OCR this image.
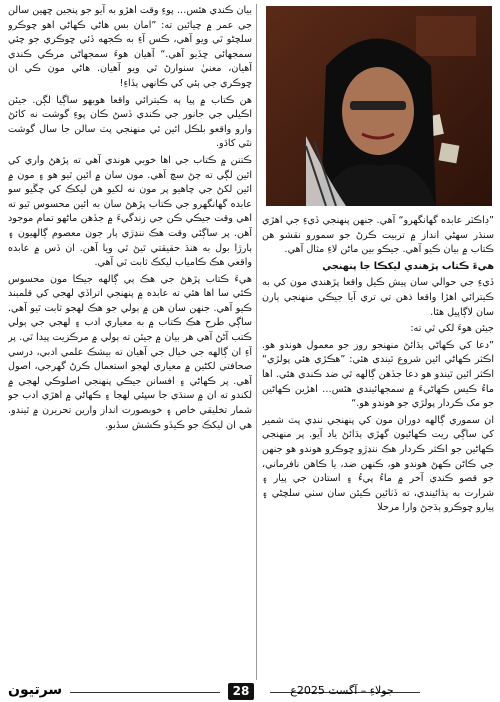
بيان ڪندي هئس… پوءِ وقت اهڙو به آيو جو پنجين ڇهين سالن جي عمر ۾ چيائين ته: ”امان بس هاڻي ڪهاڻي اهو چوڪرو سلچڻو ٿي ويو آهي، ڪس آءِ به ڪجهه ڏئي ڇوڪري جو چئي سمجهائي ڇڏيو آهي.“ آهيان هوءَ سمجهاڻي مرڪي ڪندي آهيان، معنيٰ سنوارڻ ٿي ويو آهيان. هاڻي مون ڪي ان ڇوڪري جي ٻئي کي ڪانهي ٻڏاءِ!

هن ڪتاب ۾ پيا ٻه ڪيترائي واقعا هوبهو ساڳيا لڳن. جيئن اڪيلي جي جانور جي ڪندي ڏسڻ ڪان پوءِ گوشت نه کائڻ وارو واقعو بلڪل ائين ئي منهنجي پٽ سالن جا سال گوشت نٿي کاڌو.

ڪتنن ۾ ڪتاب جي اها خوبي هوندي آهي ته پڙهڻ واري کي ائين لڳي ته ڄڻ سچ آهي. مون سان ۾ ائين ٿيو هو ۽ مون ۾ ائين لکڻ جي چاهيو پر مون نه لکيو هن ليکڪ کي چڱيو سو عابده گهانگهرو جي ڪتاب پڙهڻ سان به ائين محسوس ٿيو ته اهي وقت جيڪي ڪن جي زندگيءَ ۾ جڏهن ماڻهو تمام موجود آهن. پر ساڳئي وقت هڪ ننڍڙي ٻار جون معصوم ڳالهيون ۽ ٻارڙا بول به هنڌ حقيقتي ٿيڻ ٿي ويا آهن. ان ڏس ۾ عابده واقعي هڪ ڪامياب ليکڪ ثابت ٿي آهي.

هيءَ ڪتاب پڙهڻ جي هڪ ٻي ڳالهه جيڪا مون محسوس ڪئي سا اها هئي ته عابده ۾ پنهنجي اتراڏي لهجي کي قلمبند ڪيو آهي. جنهن سان هن ۾ ٻولي جو هڪ لهجو ثابت ٿيو آهي. ساڳي طرح هڪ ڪتاب ۾ به معياري ادب ۽ لهجي جي ٻولي ڪتب آڻڻ آهي هر بيان ۾ جيئن ته ٻولي ۾ مرڪزيت پيدا ٿي. پر آءِ ان ڳالهه جي خيال جي آهيان ته بيشڪ علمي ادبي، درسي صحافتي لکڻين ۾ معياري لهجو استعمال ڪرڻ گهرجي، اصول آهي. پر ڪهاڻي ۽ افسانن جيڪي پنهنجي اصلوڪي لهجي ۾ لکندو ته ان ۾ سنڌي جا سڀئي لهجا ۽ ڪهاڻي ۾ اهڙي ادب جو شمار تخليقي خاص ۽ خوبصورت انداز وارين تحريرن ۾ ٿيندو. هي ان ليکڪ جو ڪيڏو ڪشش سڏبو.

”ڊاڪٽر عابده گهانگهرو“ آهي. جنهن پنهنجي ڏيءِ جي اهڙي سنڌر سهڻي انداز ۾ تربيت ڪرڻ جو سمورو نقشو هن ڪتاب ۾ بيان ڪيو آهي. جيڪو بين ماڻن لاءِ مثال آهي.

هيءَ ڪتاب پڙهندي ليکڪا جا پنهنجي

ڏيءِ جي حوالي سان پيش ڪيل واقعا پڙهندي مون کي به ڪيترائي اهڙا واقعا ذهن تي تري آيا جيڪي منهنجي ٻارن سان لاڳاپيل هئا.

جيئن هوءَ لکي ٿي ته:

”دعا کي ڪهاڻي ٻڌائڻ منهنجو روز جو معمول هوندو هو. اڪثر ڪهاڻي ائين شروع ٿيندي هئي: ”هڪڙي هئي پولڙي“ اڪثر ائين ٿيندو هو دعا جڏهن ڳالهه ٿي ضد ڪندي هئي. اها ماءُ ڪيس ڪهاڻيءَ ۾ سمجهائيندي هئس… اهڙين ڪهاڻين جو مک ڪردار پولڙي جو هوندو هو.“

ان سموري ڳالهه دوران مون کي پنهنجي ننڍي پٽ شمير کي ساڳي ريت ڪهاڻيون گهڙي ٻڌائڻ ياد آيو. پر منهنجي ڪهاڻين جو اڪثر ڪردار هڪ ننڍڙو ڇوڪرو هوندو هو جنهن جي ڪاڻن ڪهڻ هوندو هو، ڪنهن ضد، يا ڪاهن نافرماني، جو قصو ڪندي آخر ۾ ماءُ پيءُ ۽ استادن جي پيار ۽ شرارت به ٻڌائيندي، ته ڏٺائين ڪيئن سان سٺي سلچڻي ۽ پيارو ڇوڪرو ٻڌجڻ وارا مرحلا

سرتيون	28	جولاءِ – آگسٽ 2025ع
